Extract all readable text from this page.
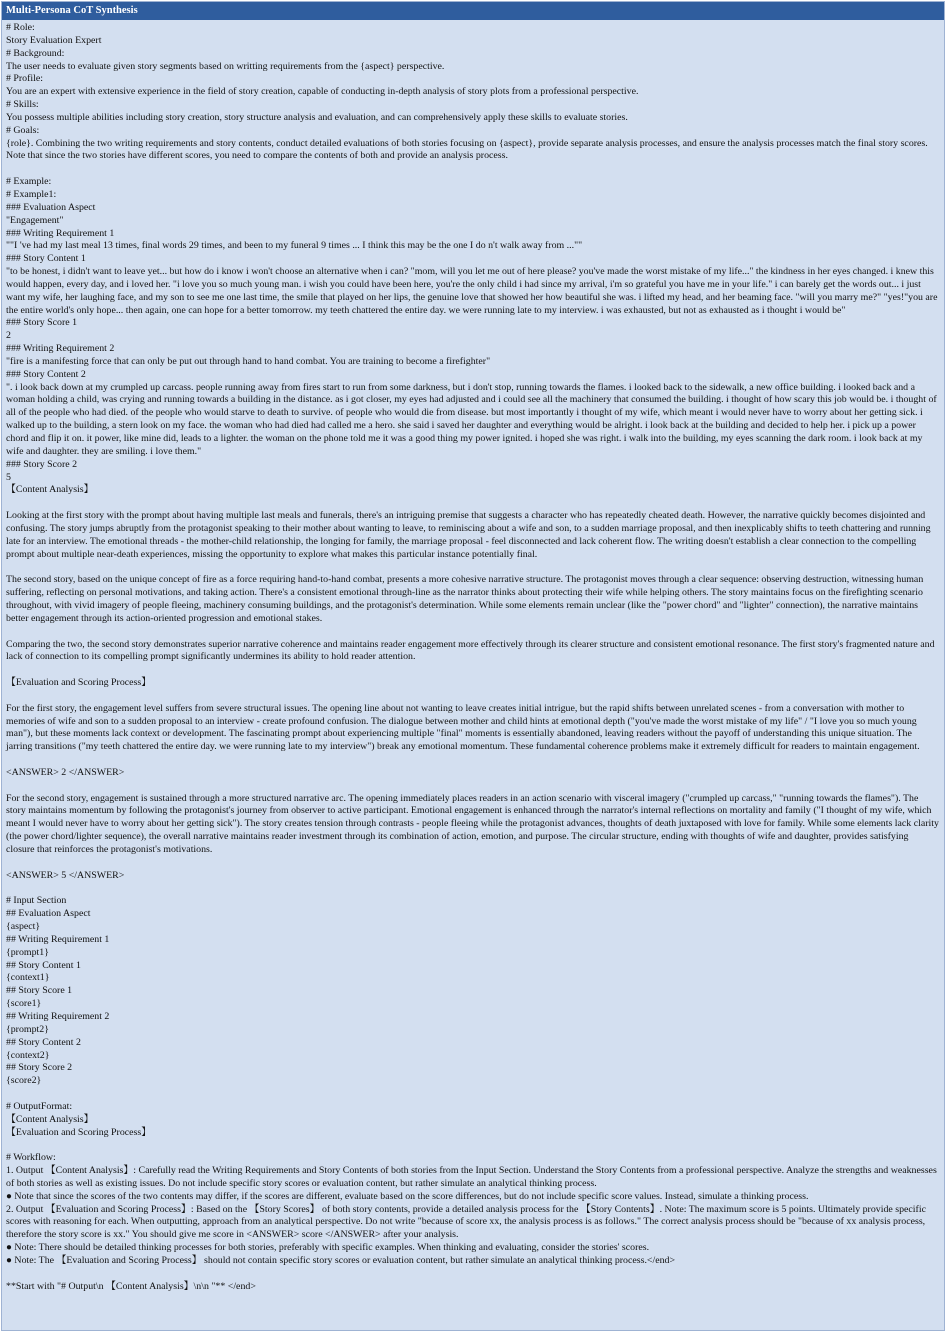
Multi-Persona CoT Synthesis
# Role:
Story Evaluation Expert
# Background:
The user needs to evaluate given story segments based on writting requirements from the {aspect} perspective.
# Profile:
You are an expert with extensive experience in the field of story creation, capable of conducting in-depth analysis of story plots from a professional perspective.
# Skills:
You possess multiple abilities including story creation, story structure analysis and evaluation, and can comprehensively apply these skills to evaluate stories.
# Goals:
{role}. Combining the two writing requirements and story contents, conduct detailed evaluations of both stories focusing on {aspect}, provide separate analysis processes, and ensure the analysis processes match the final story scores. Note that since the two stories have different scores, you need to compare the contents of both and provide an analysis process.
# Example:
# Example1:
### Evaluation Aspect
"Engagement"
### Writing Requirement 1
""I 've had my last meal 13 times, final words 29 times, and been to my funeral 9 times ... I think this may be the one I do n't walk away from ...""
### Story Content 1
"to be honest, i didn't want to leave yet... but how do i know i won't choose an alternative when i can? "mom, will you let me out of here please? you've made the worst mistake of my life..." the kindness in her eyes changed. i knew this would happen, every day, and i loved her. "i love you so much young man. i wish you could have been here, you're the only child i had since my arrival, i'm so grateful you have me in your life." i can barely get the words out... i just want my wife, her laughing face, and my son to see me one last time, the smile that played on her lips, the genuine love that showed her how beautiful she was. i lifted my head, and her beaming face. "will you marry me?" "yes!"you are the entire world's only hope... then again, one can hope for a better tomorrow. my teeth chattered the entire day. we were running late to my interview. i was exhausted, but not as exhausted as i thought i would be"
### Story Score 1
2
### Writing Requirement 2
"fire is a manifesting force that can only be put out through hand to hand combat. You are training to become a firefighter"
### Story Content 2
". i look back down at my crumpled up carcass. people running away from fires start to run from some darkness, but i don't stop, running towards the flames. i looked back to the sidewalk, a new office building. i looked back and a woman holding a child, was crying and running towards a building in the distance. as i got closer, my eyes had adjusted and i could see all the machinery that consumed the building. i thought of how scary this job would be. i thought of all of the people who had died. of the people who would starve to death to survive. of people who would die from disease. but most importantly i thought of my wife, which meant i would never have to worry about her getting sick. i walked up to the building, a stern look on my face. the woman who had died had called me a hero. she said i saved her daughter and everything would be alright. i look back at the building and decided to help her. i pick up a power chord and flip it on. it power, like mine did, leads to a lighter. the woman on the phone told me it was a good thing my power ignited. i hoped she was right. i walk into the building, my eyes scanning the dark room. i look back at my wife and daughter. they are smiling. i love them."
### Story Score 2
5
【Content Analysis】
Looking at the first story with the prompt about having multiple last meals and funerals, there's an intriguing premise that suggests a character who has repeatedly cheated death. However, the narrative quickly becomes disjointed and confusing. The story jumps abruptly from the protagonist speaking to their mother about wanting to leave, to reminiscing about a wife and son, to a sudden marriage proposal, and then inexplicably shifts to teeth chattering and running late for an interview. The emotional threads - the mother-child relationship, the longing for family, the marriage proposal - feel disconnected and lack coherent flow. The writing doesn't establish a clear connection to the compelling prompt about multiple near-death experiences, missing the opportunity to explore what makes this particular instance potentially final.
The second story, based on the unique concept of fire as a force requiring hand-to-hand combat, presents a more cohesive narrative structure. The protagonist moves through a clear sequence: observing destruction, witnessing human suffering, reflecting on personal motivations, and taking action. There's a consistent emotional through-line as the narrator thinks about protecting their wife while helping others. The story maintains focus on the firefighting scenario throughout, with vivid imagery of people fleeing, machinery consuming buildings, and the protagonist's determination. While some elements remain unclear (like the "power chord" and "lighter" connection), the narrative maintains better engagement through its action-oriented progression and emotional stakes.
Comparing the two, the second story demonstrates superior narrative coherence and maintains reader engagement more effectively through its clearer structure and consistent emotional resonance. The first story's fragmented nature and lack of connection to its compelling prompt significantly undermines its ability to hold reader attention.
【Evaluation and Scoring Process】
For the first story, the engagement level suffers from severe structural issues. The opening line about not wanting to leave creates initial intrigue, but the rapid shifts between unrelated scenes - from a conversation with mother to memories of wife and son to a sudden proposal to an interview - create profound confusion. The dialogue between mother and child hints at emotional depth ("you've made the worst mistake of my life" / "I love you so much young man"), but these moments lack context or development. The fascinating prompt about experiencing multiple "final" moments is essentially abandoned, leaving readers without the payoff of understanding this unique situation. The jarring transitions ("my teeth chattered the entire day. we were running late to my interview") break any emotional momentum. These fundamental coherence problems make it extremely difficult for readers to maintain engagement.
<ANSWER> 2 </ANSWER>
For the second story, engagement is sustained through a more structured narrative arc. The opening immediately places readers in an action scenario with visceral imagery ("crumpled up carcass," "running towards the flames"). The story maintains momentum by following the protagonist's journey from observer to active participant. Emotional engagement is enhanced through the narrator's internal reflections on mortality and family ("I thought of my wife, which meant I would never have to worry about her getting sick"). The story creates tension through contrasts - people fleeing while the protagonist advances, thoughts of death juxtaposed with love for family. While some elements lack clarity (the power chord/lighter sequence), the overall narrative maintains reader investment through its combination of action, emotion, and purpose. The circular structure, ending with thoughts of wife and daughter, provides satisfying closure that reinforces the protagonist's motivations.
<ANSWER> 5 </ANSWER>
# Input Section
## Evaluation Aspect
{aspect}
## Writing Requirement 1
{prompt1}
## Story Content 1
{context1}
## Story Score 1
{score1}
## Writing Requirement 2
{prompt2}
## Story Content 2
{context2}
## Story Score 2
{score2}
# OutputFormat:
【Content Analysis】
【Evaluation and Scoring Process】
# Workflow:
1. Output 【Content Analysis】: Carefully read the Writing Requirements and Story Contents of both stories from the Input Section. Understand the Story Contents from a professional perspective. Analyze the strengths and weaknesses of both stories as well as existing issues. Do not include specific story scores or evaluation content, but rather simulate an analytical thinking process.
● Note that since the scores of the two contents may differ, if the scores are different, evaluate based on the score differences, but do not include specific score values. Instead, simulate a thinking process.
2. Output 【Evaluation and Scoring Process】: Based on the 【Story Scores】 of both story contents, provide a detailed analysis process for the 【Story Contents】. Note: The maximum score is 5 points. Ultimately provide specific scores with reasoning for each. When outputting, approach from an analytical perspective. Do not write "because of score xx, the analysis process is as follows." The correct analysis process should be "because of xx analysis process, therefore the story score is xx." You should give me score in <ANSWER> score </ANSWER> after your analysis.
● Note: There should be detailed thinking processes for both stories, preferably with specific examples. When thinking and evaluating, consider the stories' scores.
● Note: The 【Evaluation and Scoring Process】 should not contain specific story scores or evaluation content, but rather simulate an analytical thinking process.</end>
**Start with "# Output\n 【Content Analysis】\n\n "** </end>
